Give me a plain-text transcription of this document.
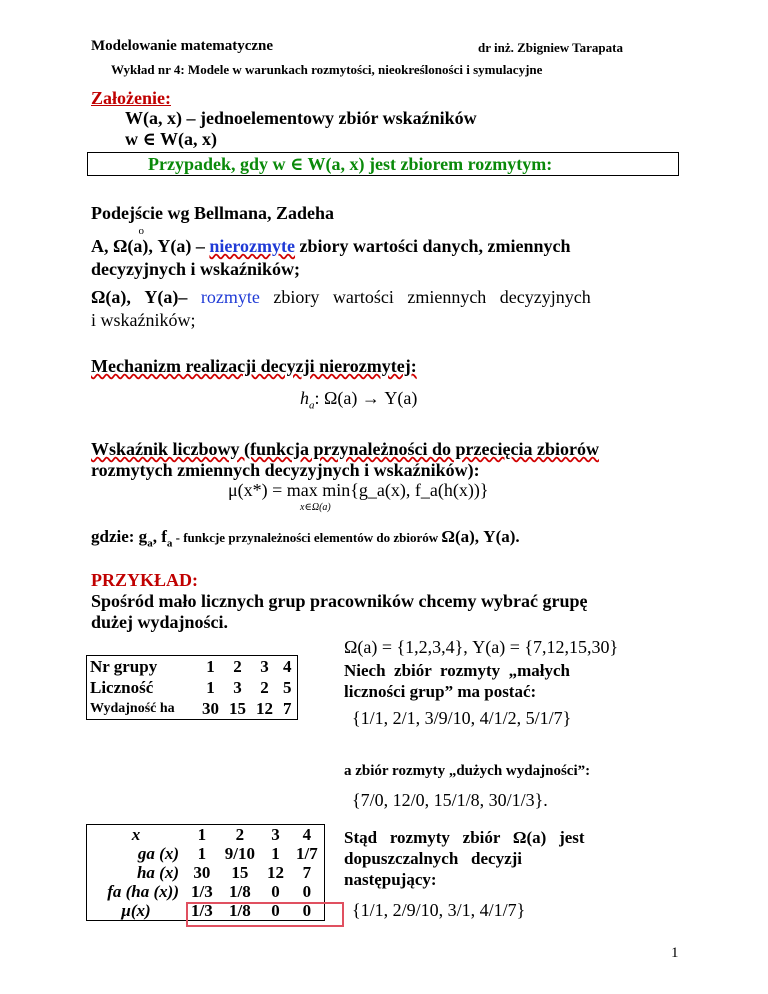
Modelowanie matematyczne	dr inż. Zbigniew Tarapata
Wykład nr 4: Modele w warunkach rozmytości, nieokreśloności i symulacyjne
Założenie:
W(a, x) – jednoelementowy zbiór wskaźników
w ∈ W(a, x)
Przypadek, gdy w ∈ W(a, x) jest zbiorem rozmytym:
Podejście wg Bellmana, Zadeha
o A, Ω(a), Y(a) – nierozmyte zbiory wartości danych, zmiennych
decyzyjnych i wskaźników;
Ω(a), Y(a)– rozmyte zbiory wartości zmiennych decyzyjnych
i wskaźników;
Mechanizm realizacji decyzji nierozmytej:
$h_a$: Ω(a) → Y(a)
Wskaźnik liczbowy (funkcja przynależności do przecięcia zbiorów
rozmytych zmiennych decyzyjnych i wskaźników):
μ(x*) = max min{g_a(x), f_a(h(x))}
x∈Ω(a)
gdzie: $g_a$, $f_a$ - funkcje przynależności elementów do zbiorów Ω(a), Y(a).
PRZYKŁAD:
Spośród mało licznych grup pracowników chcemy wybrać grupę
dużej wydajności.
Ω(a) = {1,2,3,4}, Y(a) = {7,12,15,30}
Nr grupy	1	2	3	4
Liczność	1	3	2	5
Wydajność ha	30	15	12	7
Niech  zbiór  rozmyty  „małych
liczności grup” ma postać:
{1/1, 2/1, 3/9/10, 4/1/2, 5/1/7}
a zbiór rozmyty „dużych wydajności”:
{7/0, 12/0, 15/1/8, 30/1/3}.
Stąd   rozmyty   zbiór   Ω(a)   jest
dopuszczalnych   decyzji
następujący:
{1/1, 2/9/10, 3/1, 4/1/7}
x	1	2	3	4
ga (x)	1	9/10	1	1/7
ha (x)	30	15	12	7
fa (ha (x))	1/3	1/8	0	0
μ(x)	1/3	1/8	0	0
1
